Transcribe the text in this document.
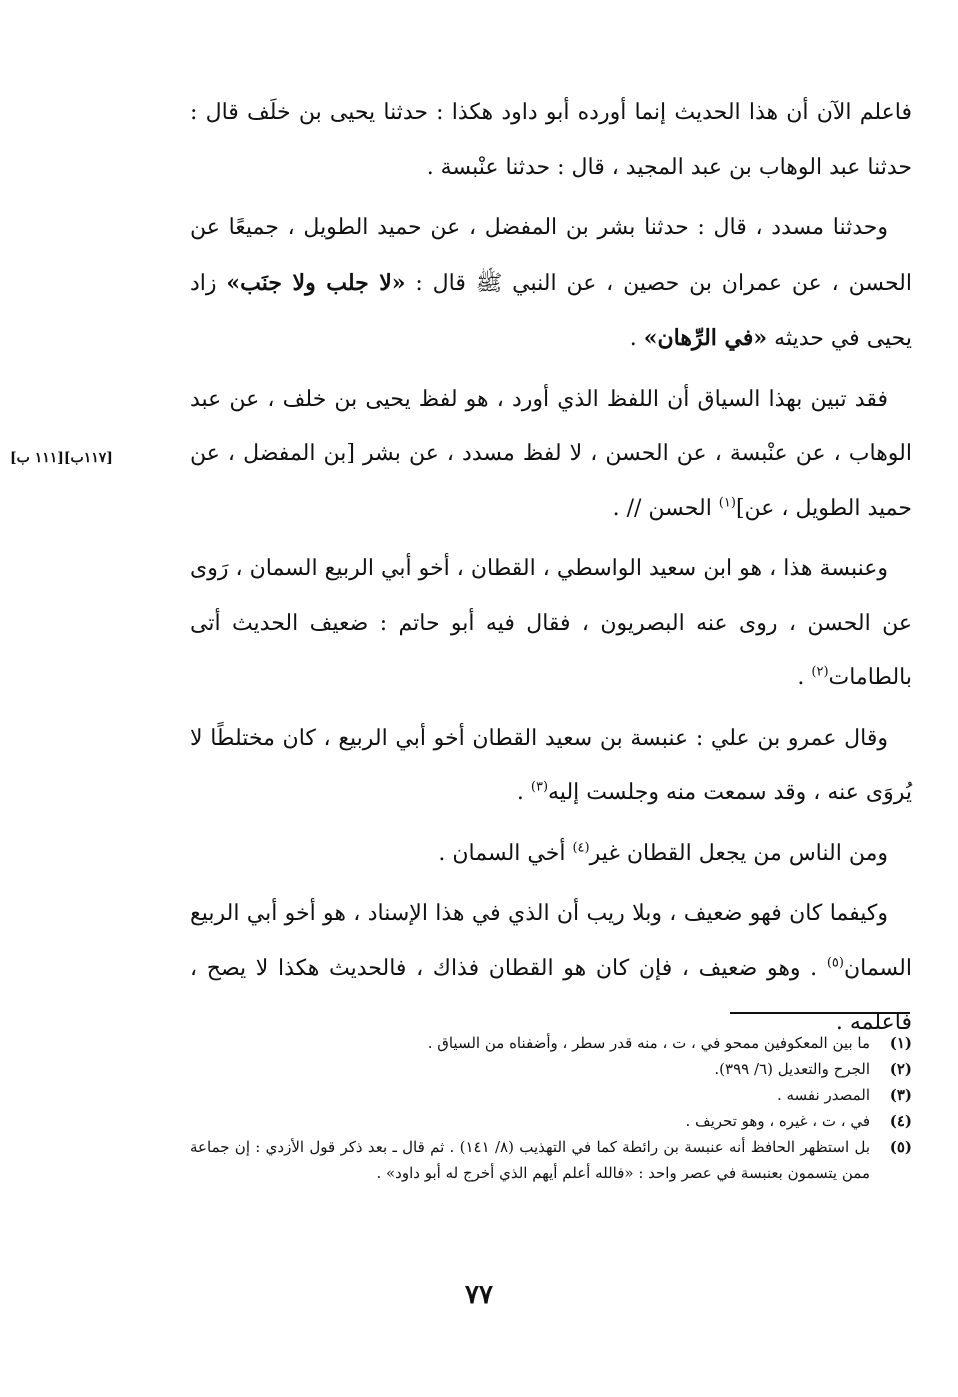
[١١٧ب][١١١ ب]

فاعلم الآن أن هذا الحديث إنما أورده أبو داود هكذا : حدثنا يحيى بن خلَف قال : حدثنا عبد الوهاب بن عبد المجيد ، قال : حدثنا عنْبسة .

وحدثنا مسدد ، قال : حدثنا بشر بن المفضل ، عن حميد الطويل ، جميعًا عن الحسن ، عن عمران بن حصين ، عن النبي ﷺ قال : «لا جلب ولا جنَب» زاد يحيى في حديثه «في الرِّهان» .

فقد تبين بهذا السياق أن اللفظ الذي أورد ، هو لفظ يحيى بن خلف ، عن عبد الوهاب ، عن عنْبسة ، عن الحسن ، لا لفظ مسدد ، عن بشر [بن المفضل ، عن حميد الطويل ، عن]$^{(١)}$ الحسن // .

وعنبسة هذا ، هو ابن سعيد الواسطي ، القطان ، أخو أبي الربيع السمان ، رَوى عن الحسن ، روى عنه البصريون ، فقال فيه أبو حاتم : ضعيف الحديث أتى بالطامات$^{(٢)}$ .

وقال عمرو بن علي : عنبسة بن سعيد القطان أخو أبي الربيع ، كان مختلطًا لا يُروَى عنه ، وقد سمعت منه وجلست إليه$^{(٣)}$ .

ومن الناس من يجعل القطان غير$^{(٤)}$ أخي السمان .

وكيفما كان فهو ضعيف ، وبلا ريب أن الذي في هذا الإسناد ، هو أخو أبي الربيع السمان$^{(٥)}$ . وهو ضعيف ، فإن كان هو القطان فذاك ، فالحديث هكذا لا يصح ، فاعلمه .

(١)
ما بين المعكوفين ممحو في ، ت ، منه قدر سطر ، وأضفناه من السياق .
(٢)
الجرح والتعديل (٦/ ٣٩٩).
(٣)
المصدر نفسه .
(٤)
في ، ت ، غيره ، وهو تحريف .
(٥)
بل استظهر الحافظ أنه عنبسة بن رائطة كما في التهذيب (٨/ ١٤١) . ثم قال ـ بعد ذكر قول الأزدي : إن جماعة ممن يتسمون بعنبسة في عصر واحد : «فالله أعلم أيهم الذي أخرج له أبو داود» .
٧٧
